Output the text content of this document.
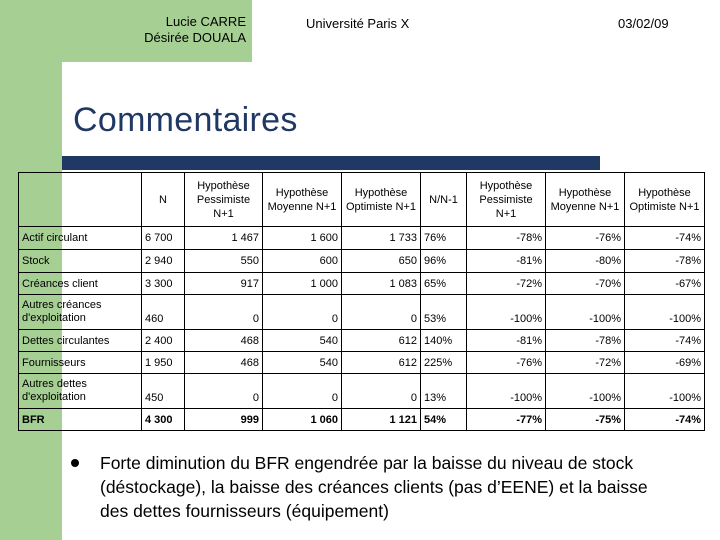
Lucie CARRE
Désirée DOUALA
Université Paris X	03/02/09
Commentaires
	N	Hypothèse Pessimiste N+1	Hypothèse Moyenne N+1	Hypothèse Optimiste N+1	N/N-1	Hypothèse Pessimiste N+1	Hypothèse Moyenne N+1	Hypothèse Optimiste N+1
Actif circulant	6 700	1 467	1 600	1 733	76%	-78%	-76%	-74%
Stock	2 940	550	600	650	96%	-81%	-80%	-78%
Créances client	3 300	917	1 000	1 083	65%	-72%	-70%	-67%
Autres créances d'exploitation	460	0	0	0	53%	-100%	-100%	-100%
Dettes circulantes	2 400	468	540	612	140%	-81%	-78%	-74%
Fournisseurs	1 950	468	540	612	225%	-76%	-72%	-69%
Autres dettes d'exploitation	450	0	0	0	13%	-100%	-100%	-100%
BFR	4 300	999	1 060	1 121	54%	-77%	-75%	-74%
Forte diminution du BFR engendrée par la baisse du niveau de stock (déstockage), la baisse des créances clients (pas d’EENE) et la baisse des dettes fournisseurs (équipement)
